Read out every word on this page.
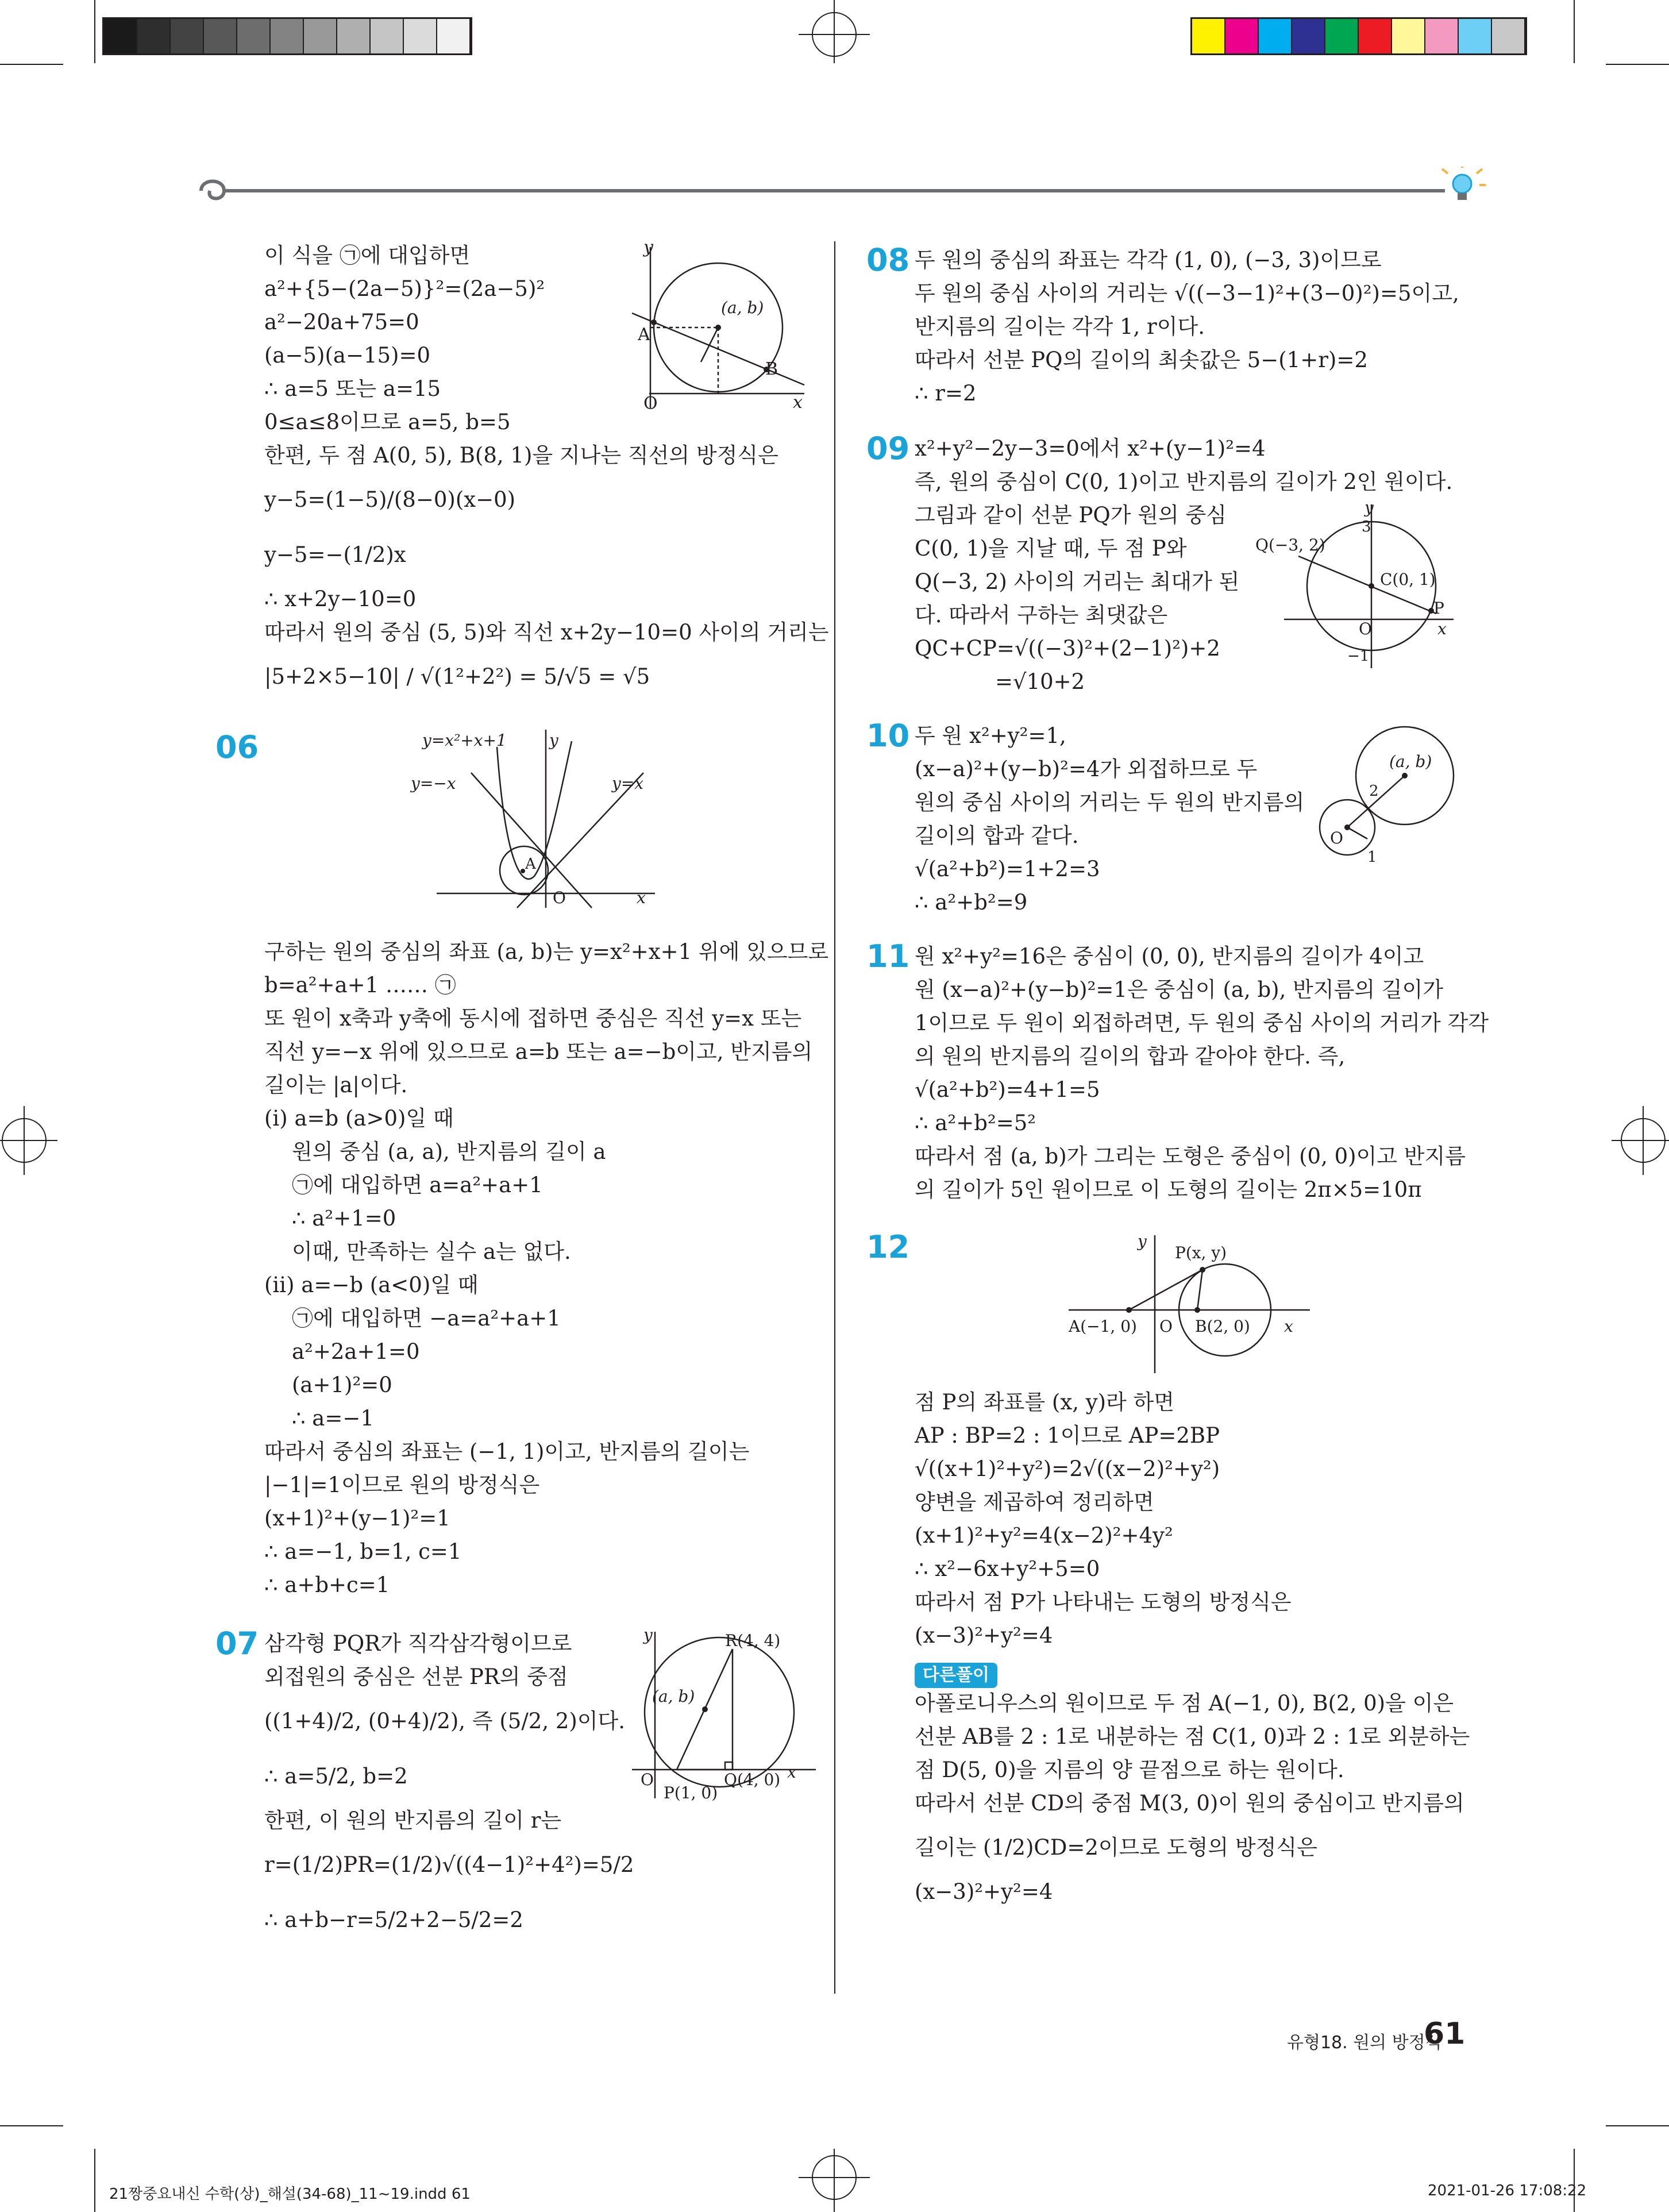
이 식을 ㉠에 대입하면
a²+{5−(2a−5)}²=(2a−5)²
a²−20a+75=0
(a−5)(a−15)=0
∴ a=5 또는 a=15
0≤a≤8이므로 a=5, b=5
한편, 두 점 A(0, 5), B(8, 1)을 지나는 직선의 방정식은
y−5=(1−5)/(8−0)(x−0)
y−5=−(1/2)x
∴ x+2y−10=0
따라서 원의 중심 (5, 5)와 직선 x+2y−10=0 사이의 거리는
|5+2×5−10| / √(1²+2²) = 5/√5 = √5
(a, b)
A
B
O	x
y
06	y=x²+x+1
y=−x	y=x
A
O	x
y
구하는 원의 중심의 좌표 (a, b)는 y=x²+x+1 위에 있으므로
b=a²+a+1 …… ㉠
또 원이 x축과 y축에 동시에 접하면 중심은 직선 y=x 또는
직선 y=−x 위에 있으므로 a=b 또는 a=−b이고, 반지름의
길이는 |a|이다.
(ⅰ) a=b (a>0)일 때
원의 중심 (a, a), 반지름의 길이 a
㉠에 대입하면 a=a²+a+1
∴ a²+1=0
이때, 만족하는 실수 a는 없다.
(ⅱ) a=−b (a<0)일 때
㉠에 대입하면 −a=a²+a+1
a²+2a+1=0
(a+1)²=0
∴ a=−1
따라서 중심의 좌표는 (−1, 1)이고, 반지름의 길이는
|−1|=1이므로 원의 방정식은
(x+1)²+(y−1)²=1
∴ a=−1, b=1, c=1
∴ a+b+c=1
07 삼각형 PQR가 직각삼각형이므로
외접원의 중심은 선분 PR의 중점
((1+4)/2, (0+4)/2), 즉 (5/2, 2)이다.
∴ a=5/2, b=2
한편, 이 원의 반지름의 길이 r는
r=(1/2)PR=(1/2)√((4−1)²+4²)=5/2
∴ a+b−r=5/2+2−5/2=2
(a, b)
R(4, 4)
O
P(1, 0)
Q(4, 0) x
y
08 두 원의 중심의 좌표는 각각 (1, 0), (−3, 3)이므로
두 원의 중심 사이의 거리는 √((−3−1)²+(3−0)²)=5이고,
반지름의 길이는 각각 1, r이다.
따라서 선분 PQ의 길이의 최솟값은 5−(1+r)=2
∴ r=2
09 x²+y²−2y−3=0에서 x²+(y−1)²=4
즉, 원의 중심이 C(0, 1)이고 반지름의 길이가 2인 원이다.
그림과 같이 선분 PQ가 원의 중심
C(0, 1)을 지날 때, 두 점 P와
Q(−3, 2) 사이의 거리는 최대가 된
다. 따라서 구하는 최댓값은
QC+CP=√((−3)²+(2−1)²)+2
=√10+2
Q(−3, 2)
C(0, 1)
P
3
−1
O	x
y
10 두 원 x²+y²=1,
(x−a)²+(y−b)²=4가 외접하므로 두
원의 중심 사이의 거리는 두 원의 반지름의
길이의 합과 같다.
√(a²+b²)=1+2=3
∴ a²+b²=9
(a, b)
2
1
O
11 원 x²+y²=16은 중심이 (0, 0), 반지름의 길이가 4이고
원 (x−a)²+(y−b)²=1은 중심이 (a, b), 반지름의 길이가
1이므로 두 원이 외접하려면, 두 원의 중심 사이의 거리가 각각
의 원의 반지름의 길이의 합과 같아야 한다. 즉,
√(a²+b²)=4+1=5
∴ a²+b²=5²
따라서 점 (a, b)가 그리는 도형은 중심이 (0, 0)이고 반지름
의 길이가 5인 원이므로 이 도형의 길이는 2π×5=10π
12	P(x, y)
A(−1, 0) O B(2, 0) x
y
점 P의 좌표를 (x, y)라 하면
AP : BP=2 : 1이므로 AP=2BP
√((x+1)²+y²)=2√((x−2)²+y²)
양변을 제곱하여 정리하면
(x+1)²+y²=4(x−2)²+4y²
∴ x²−6x+y²+5=0
따라서 점 P가 나타내는 도형의 방정식은
(x−3)²+y²=4
다른풀이
아폴로니우스의 원이므로 두 점 A(−1, 0), B(2, 0)을 이은
선분 AB를 2 : 1로 내분하는 점 C(1, 0)과 2 : 1로 외분하는
점 D(5, 0)을 지름의 양 끝점으로 하는 원이다.
따라서 선분 CD의 중점 M(3, 0)이 원의 중심이고 반지름의
길이는 (1/2)CD=2이므로 도형의 방정식은
(x−3)²+y²=4
유형18. 원의 방정식
61
21짱중요내신 수학(상)_해설(34-68)_11~19.indd 61	2021-01-26 17:08:22
